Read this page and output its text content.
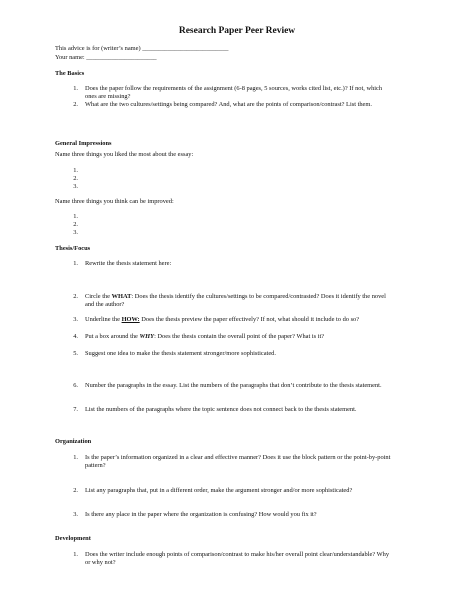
Research Paper Peer Review
This advice is for (writer’s name) ___________________________
Your name: ______________________
The Basics
1. Does the paper follow the requirements of the assignment (6-8 pages, 5 sources, works cited list, etc.)? If not, which
ones are missing?
2. What are the two cultures/settings being compared? And, what are the points of comparison/contrast? List them.
General Impressions
Name three things you liked the most about the essay:
1.
2.
3.
Name three things you think can be improved:
1.
2.
3.
Thesis/Focus
1. Rewrite the thesis statement here:
2. Circle the WHAT: Does the thesis identify the cultures/settings to be compared/contrasted? Does it identify the novel
and the author?
3. Underline the HOW: Does the thesis preview the paper effectively? If not, what should it include to do so?
4. Put a box around the WHY: Does the thesis contain the overall point of the paper? What is it?
5. Suggest one idea to make the thesis statement stronger/more sophisticated.
6. Number the paragraphs in the essay. List the numbers of the paragraphs that don’t contribute to the thesis statement.
7. List the numbers of the paragraphs where the topic sentence does not connect back to the thesis statement.
Organization
1. Is the paper’s information organized in a clear and effective manner? Does it use the block pattern or the point-by-point
pattern?
2. List any paragraphs that, put in a different order, make the argument stronger and/or more sophisticated?
3. Is there any place in the paper where the organization is confusing? How would you fix it?
Development
1. Does the writer include enough points of comparison/contrast to make his/her overall point clear/understandable? Why
or why not?
